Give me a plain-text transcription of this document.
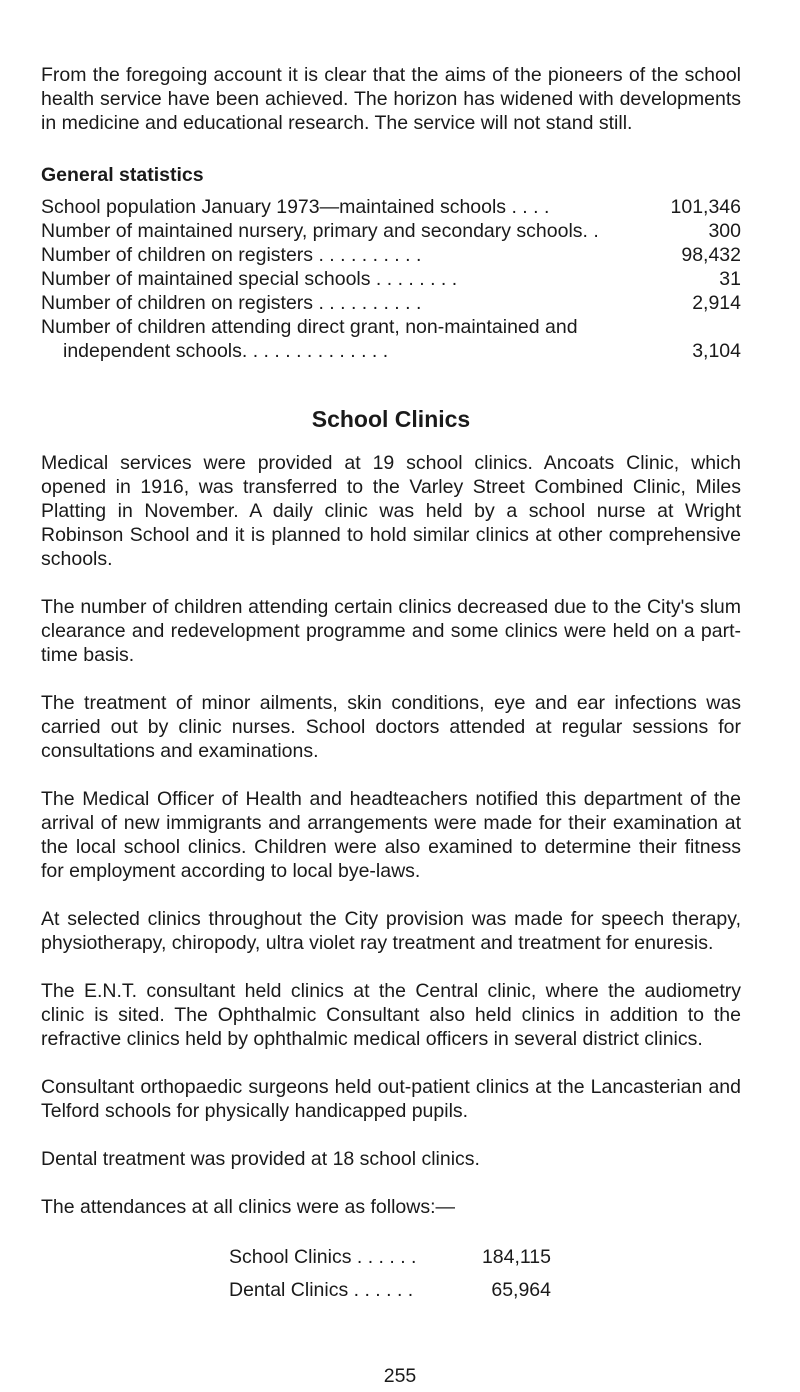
From the foregoing account it is clear that the aims of the pioneers of the school health service have been achieved. The horizon has widened with developments in medicine and educational research. The service will not stand still.

General statistics
School population January 1973—maintained schools . . . .	101,346
Number of maintained nursery, primary and secondary schools. .	300
Number of children on registers . . . . . . . . . .	98,432
Number of maintained special schools . . . . . . . .	31
Number of children on registers . . . . . . . . . .	2,914
Number of children attending direct grant, non-maintained and
independent schools. . . . . . . . . . . . . .	3,104
School Clinics

Medical services were provided at 19 school clinics. Ancoats Clinic, which opened in 1916, was transferred to the Varley Street Combined Clinic, Miles Platting in November. A daily clinic was held by a school nurse at Wright Robinson School and it is planned to hold similar clinics at other comprehensive schools.

The number of children attending certain clinics decreased due to the City's slum clearance and redevelopment programme and some clinics were held on a part-time basis.

The treatment of minor ailments, skin conditions, eye and ear infections was carried out by clinic nurses. School doctors attended at regular sessions for consultations and examinations.

The Medical Officer of Health and headteachers notified this department of the arrival of new immigrants and arrangements were made for their examination at the local school clinics. Children were also examined to determine their fitness for employment according to local bye-laws.

At selected clinics throughout the City provision was made for speech therapy, physiotherapy, chiropody, ultra violet ray treatment and treatment for enuresis.

The E.N.T. consultant held clinics at the Central clinic, where the audiometry clinic is sited. The Ophthalmic Consultant also held clinics in addition to the refractive clinics held by ophthalmic medical officers in several district clinics.

Consultant orthopaedic surgeons held out-patient clinics at the Lancasterian and Telford schools for physically handicapped pupils.

Dental treatment was provided at 18 school clinics.

The attendances at all clinics were as follows:—

School Clinics . . . . . .	184,115
Dental Clinics . . . . . .	65,964
255
